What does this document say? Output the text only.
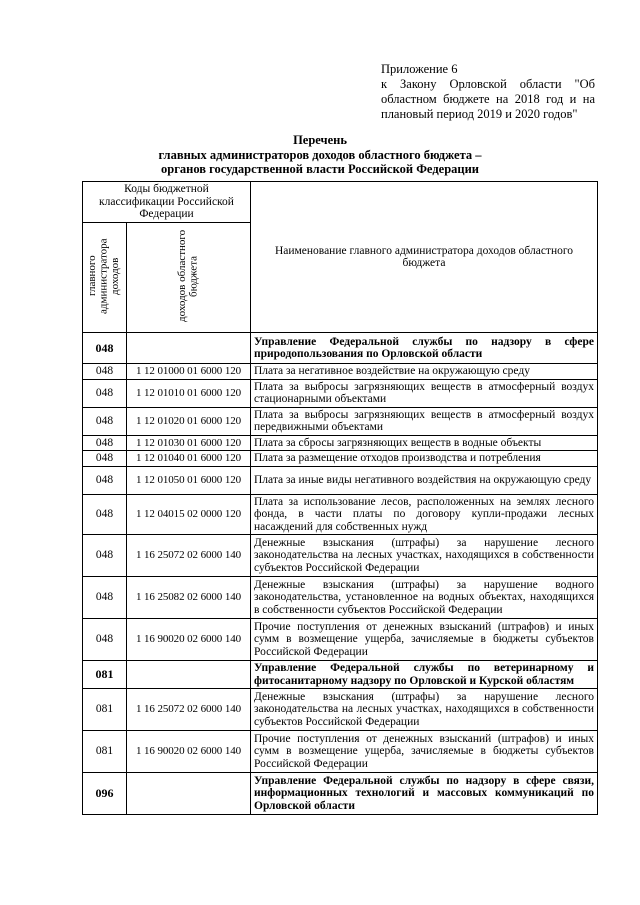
Приложение 6
к Закону Орловской области "Об областном бюджете на 2018 год и на плановый период 2019 и 2020 годов"
Перечень
главных администраторов доходов областного бюджета –
органов государственной власти Российской Федерации
Коды бюджетной классификации Российской Федерации		Наименование главного администратора доходов областного бюджета
главного администратора доходов	доходов областного бюджета	
048		Управление Федеральной службы по надзору в сфере природопользования по Орловской области
048	1 12 01000 01 6000 120	Плата за негативное воздействие на окружающую среду
048	1 12 01010 01 6000 120	Плата за выбросы загрязняющих веществ в атмосферный воздух стационарными объектами
048	1 12 01020 01 6000 120	Плата за выбросы загрязняющих веществ в атмосферный воздух передвижными объектами
048	1 12 01030 01 6000 120	Плата за сбросы загрязняющих веществ в водные объекты
048	1 12 01040 01 6000 120	Плата за размещение отходов производства и потребления
048	1 12 01050 01 6000 120	Плата за иные виды негативного воздействия на окружающую среду
048	1 12 04015 02 0000 120	Плата за использование лесов, расположенных на землях лесного фонда, в части платы по договору купли-продажи лесных насаждений для собственных нужд
048	1 16 25072 02 6000 140	Денежные взыскания (штрафы) за нарушение лесного законодательства на лесных участках, находящихся в собственности субъектов Российской Федерации
048	1 16 25082 02 6000 140	Денежные взыскания (штрафы) за нарушение водного законодательства, установленное на водных объектах, находящихся в собственности субъектов Российской Федерации
048	1 16 90020 02 6000 140	Прочие поступления от денежных взысканий (штрафов) и иных сумм в возмещение ущерба, зачисляемые в бюджеты субъектов Российской Федерации
081		Управление Федеральной службы по ветеринарному и фитосанитарному надзору по Орловской и Курской областям
081	1 16 25072 02 6000 140	Денежные взыскания (штрафы) за нарушение лесного законодательства на лесных участках, находящихся в собственности субъектов Российской Федерации
081	1 16 90020 02 6000 140	Прочие поступления от денежных взысканий (штрафов) и иных сумм в возмещение ущерба, зачисляемые в бюджеты субъектов Российской Федерации
096		Управление Федеральной службы по надзору в сфере связи, информационных технологий и массовых коммуникаций по Орловской области
